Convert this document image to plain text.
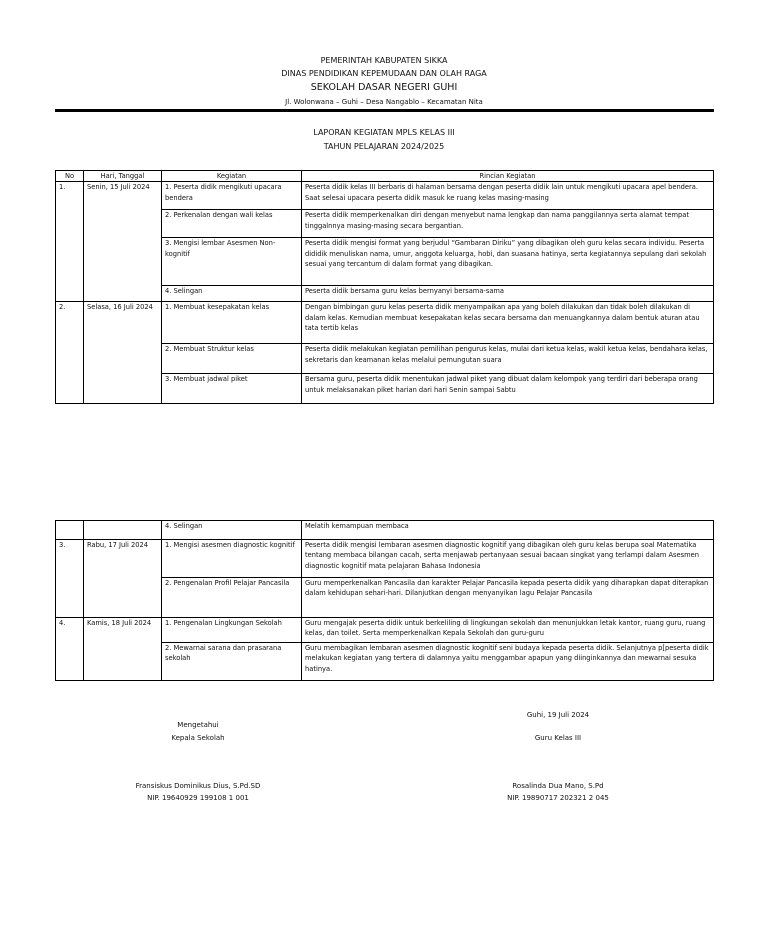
PEMERINTAH KABUPATEN SIKKA
DINAS PENDIDIKAN KEPEMUDAAN DAN OLAH RAGA
SEKOLAH DASAR NEGERI GUHI
Jl. Wolonwana – Guhi – Desa Nangablo – Kecamatan Nita
LAPORAN KEGIATAN MPLS KELAS III
TAHUN PELAJARAN 2024/2025
No	Hari, Tanggal	Kegiatan	Rincian Kegiatan
1.	Senin, 15 Juli 2024	1. Peserta didik mengikuti upacara bendera	Peserta didik kelas III berbaris di halaman bersama dengan peserta didik lain untuk mengikuti upacara apel bendera. Saat selesai upacara peserta didik masuk ke ruang kelas masing-masing
		2. Perkenalan dengan wali kelas	Peserta didik memperkenalkan diri dengan menyebut nama lengkap dan nama panggilannya serta alamat tempat tinggalnnya masing-masing secara bergantian.
		3. Mengisi lembar Asesmen Non-kognitif	Peserta didik mengisi format yang berjudul “Gambaran Diriku” yang dibagikan oleh guru kelas secara individu. Peserta dididik menuliskan nama, umur, anggota keluarga, hobi, dan suasana hatinya, serta kegiatannya sepulang dari sekolah sesuai yang tercantum di dalam format yang dibagikan.
		4. Selingan	Peserta didik bersama guru kelas bernyanyi bersama-sama
2.	Selasa, 16 Juli 2024	1. Membuat kesepakatan kelas	Dengan bimbingan guru kelas peserta didik menyampaikan apa yang boleh dilakukan dan tidak boleh dilakukan di dalam kelas. Kemudian membuat kesepakatan kelas secara bersama dan menuangkannya dalam bentuk aturan atau tata tertib kelas
		2. Membuat Struktur kelas	Peserta didik melakukan kegiatan pemilihan pengurus kelas, mulai dari ketua kelas, wakil ketua kelas, bendahara kelas, sekretaris dan keamanan kelas melalui pemungutan suara
		3. Membuat jadwal piket	Bersama guru, peserta didik menentukan jadwal piket yang dibuat dalam kelompok yang terdiri dari beberapa orang untuk melaksanakan piket harian dari hari Senin sampai Sabtu
		4. Selingan	Melatih kemampuan membaca
3.	Rabu, 17 Juli 2024	1. Mengisi asesmen diagnostic kognitif	Peserta didik mengisi lembaran asesmen diagnostic kognitif yang dibagikan oleh guru kelas berupa soal Matematika tentang membaca bilangan cacah, serta menjawab pertanyaan sesuai bacaan singkat yang terlampi dalam Asesmen diagnostic kognitif mata pelajaran Bahasa Indonesia
		2. Pengenalan Profil Pelajar Pancasila	Guru memperkenalkan Pancasila dan karakter Pelajar Pancasila kepada peserta didik yang diharapkan dapat diterapkan dalam kehidupan sehari-hari. Dilanjutkan dengan menyanyikan lagu Pelajar Pancasila
4.	Kamis, 18 Juli 2024	1. Pengenalan Lingkungan Sekolah	Guru mengajak peserta didik untuk berkeliling di lingkungan sekolah dan menunjukkan letak kantor, ruang guru, ruang kelas, dan toilet. Serta memperkenalkan Kepala Sekolah dan guru-guru
		2. Mewarnai sarana dan prasarana sekolah	Guru membagikan lembaran asesmen diagnostic kognitif seni budaya kepada peserta didik. Selanjutnya p[peserta didik melakukan kegiatan yang tertera di dalamnya yaitu menggambar apapun yang diinginkannya dan mewarnai sesuka hatinya.
Mengetahui
Kepala Sekolah
Fransiskus Dominikus Dius, S.Pd.SD
NIP. 19640929 199108 1 001
Guhi, 19 Juli 2024
Guru Kelas III
Rosalinda Dua Mano, S.Pd
NIP. 19890717 202321 2 045
